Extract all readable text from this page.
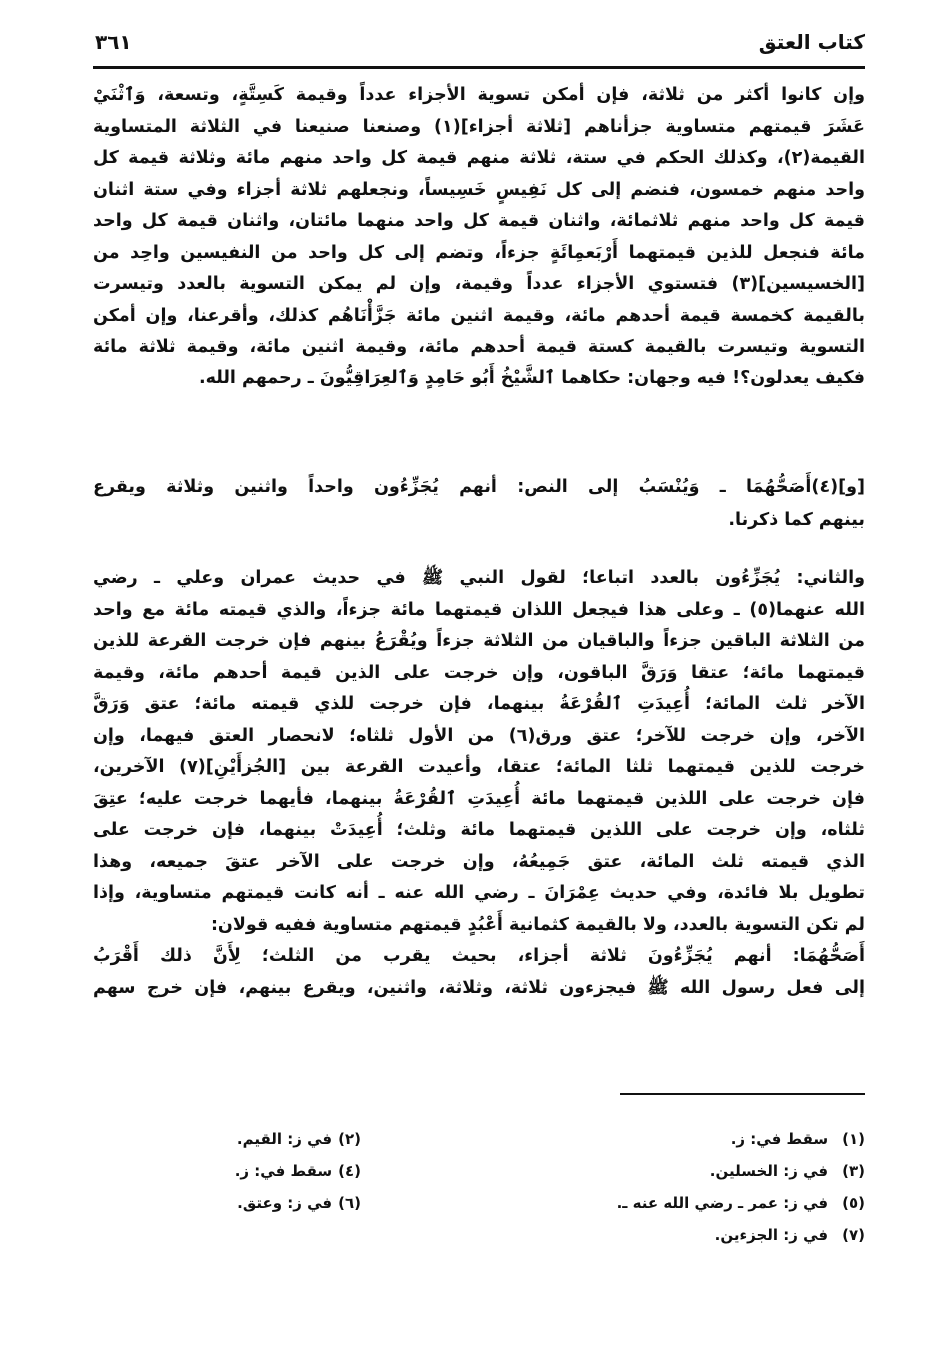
كتاب العتق
٣٦١
وإن كانوا أكثر من ثلاثة، فإن أمكن تسوية الأجزاء عدداً وقيمة كَسِتَّةٍ، وتسعة، وَٱثْنَيْ
عَشَرَ قيمتهم متساوية جزأناهم [ثلاثة أجزاء](١) وصنعنا صنيعنا في الثلاثة المتساوية
القيمة(٢)، وكذلك الحكم في ستة، ثلاثة منهم قيمة كل واحد منهم مائة وثلاثة قيمة كل
واحد منهم خمسون، فنضم إلى كل نَفِيسٍ خَسِيساً، ونجعلهم ثلاثة أجزاء وفي ستة اثنان
قيمة كل واحد منهم ثلاثمائة، واثنان قيمة كل واحد منهما مائتان، واثنان قيمة كل واحد
مائة فنجعل للذين قيمتهما أَرْبَعمِائَةٍ جزءاً، وتضم إلى كل واحد من النفيسين واحِد من
[الخسيسين](٣) فتستوي الأجزاء عدداً وقيمة، وإن لم يمكن التسوية بالعدد وتيسرت
بالقيمة كخمسة قيمة أحدهم مائة، وقيمة اثنين مائة جَزَّأْنَاهُم كذلك، وأقرعنا، وإن أمكن
التسوية وتيسرت بالقيمة كستة قيمة أحدهم مائة، وقيمة اثنين مائة، وقيمة ثلاثة مائة
فكيف يعدلون؟! فيه وجهان: حكاهما ٱلشَّيْخُ أَبُو حَامِدٍ وَٱلعِرَاقِيُّونَ ـ رحمهم الله.
[و](٤)أَصَحُّهُمَا ـ وَيُنْسَبُ إلى النص: أنهم يُجَزِّءُون واحداً واثنين وثلاثة ويقرع
بينهم كما ذكرنا.
والثاني: يُجَزِّءُون بالعدد اتباعا؛ لقول النبي ﷺ في حديث عمران وعلي ـ رضي
الله عنهما(٥) ـ وعلى هذا فيجعل اللذان قيمتهما مائة جزءاً، والذي قيمته مائة مع واحد
من الثلاثة الباقين جزءاً والباقيان من الثلاثة جزءاً ويُقْرَعُ بينهم فإن خرجت القرعة للذين
قيمتهما مائة؛ عتقا وَرَقَّ الباقون، وإن خرجت على الذين قيمة أحدهم مائة، وقيمة
الآخر ثلث المائة؛ أُعِيدَتِ ٱلقُرْعَةُ بينهما، فإن خرجت للذي قيمته مائة؛ عتق وَرَقَّ
الآخر، وإن خرجت للآخر؛ عتق ورق(٦) من الأول ثلثاه؛ لانحصار العتق فيهما، وإن
خرجت للذين قيمتهما ثلثا المائة؛ عتقا، وأعيدت القرعة بين [الجُزأَيْنِ](٧) الآخرين،
فإن خرجت على اللذين قيمتهما مائة أُعِيدَتِ ٱلقُرْعَةُ بينهما، فأيهما خرجت عليه؛ عتِقَ
ثلثاه، وإن خرجت على اللذين قيمتهما مائة وثلث؛ أُعِيدَتْ بينهما، فإن خرجت على
الذي قيمته ثلث المائة، عتق جَمِيعُهُ، وإن خرجت على الآخر عتقَ جميعه، وهذا
تطويل بلا فائدة، وفي حديث عِمْرَانَ ـ رضي الله عنه ـ أنه كانت قيمتهم متساوية، وإذا
لم تكن التسوية بالعدد، ولا بالقيمة كثمانية أَعْبُدٍ قيمتهم متساوية ففيه قولان:
أَصَحُّهُمَا: أنهم يُجَزِّءُونَ ثلاثة أجزاء، بحيث يقرب من الثلث؛ لِأَنَّ ذلك أَقْرَبُ
إلى فعل رسول الله ﷺ فيجزءون ثلاثة، وثلاثة، واثنين، ويقرع بينهم، فإن خرج سهم
(١)سقط في: ز.
(٢)في ز: القيم.
(٣)في ز: الخسلين.
(٤)سقط في: ز.
(٥)في ز: عمر ـ رضي الله عنه ـ.
(٦)في ز: وعتق.
(٧)في ز: الجزءين.
